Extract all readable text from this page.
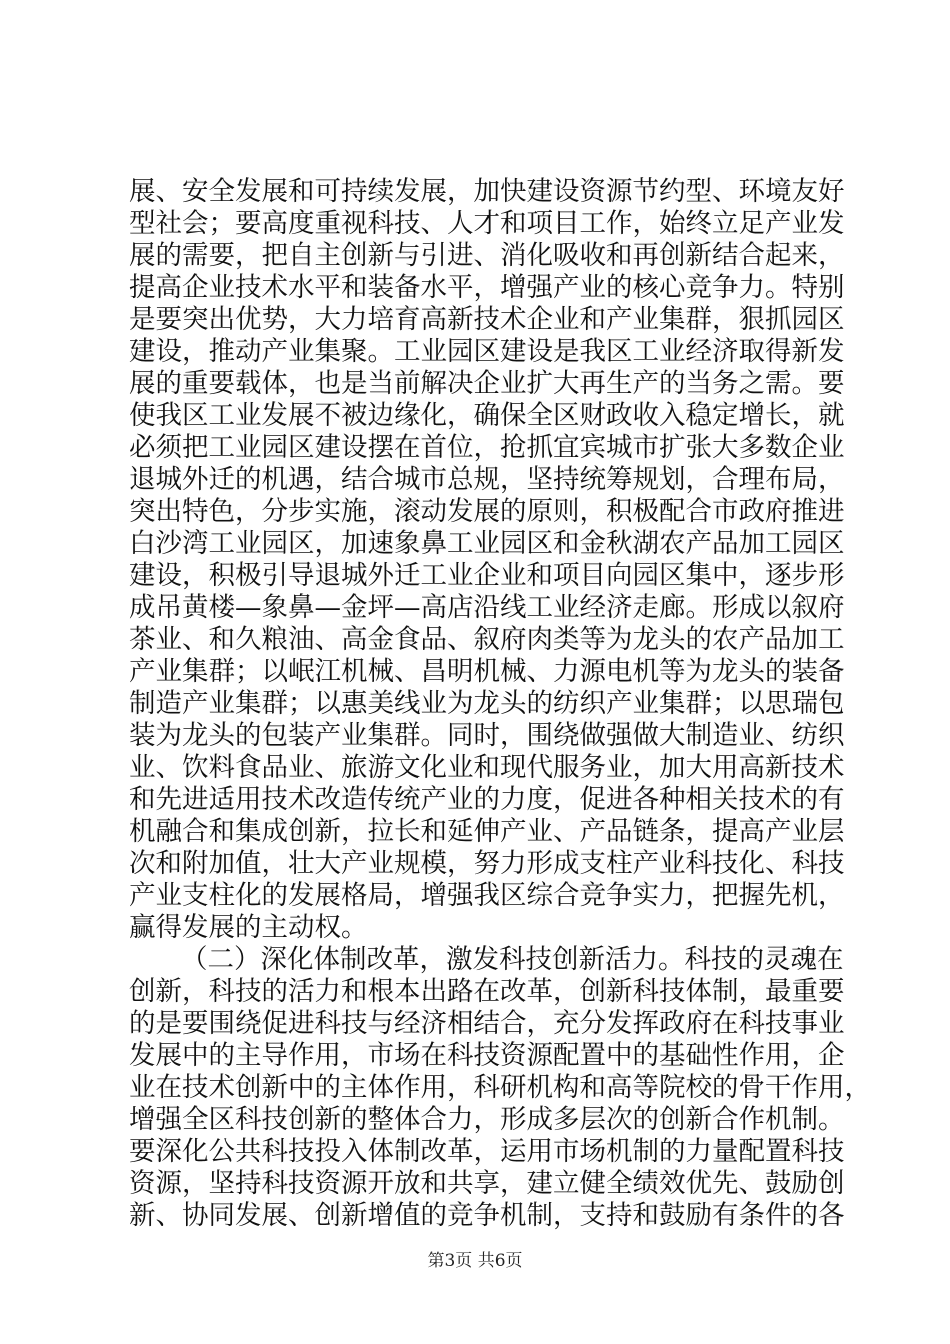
展、安全发展和可持续发展，加快建设资源节约型、环境友好
型社会；要高度重视科技、人才和项目工作，始终立足产业发
展的需要，把自主创新与引进、消化吸收和再创新结合起来，
提高企业技术水平和装备水平，增强产业的核心竞争力。特别
是要突出优势，大力培育高新技术企业和产业集群，狠抓园区
建设，推动产业集聚。工业园区建设是我区工业经济取得新发
展的重要载体，也是当前解决企业扩大再生产的当务之需。要
使我区工业发展不被边缘化，确保全区财政收入稳定增长，就
必须把工业园区建设摆在首位，抢抓宜宾城市扩张大多数企业
退城外迁的机遇，结合城市总规，坚持统筹规划，合理布局，
突出特色，分步实施，滚动发展的原则，积极配合市政府推进
白沙湾工业园区，加速象鼻工业园区和金秋湖农产品加工园区
建设，积极引导退城外迁工业企业和项目向园区集中，逐步形
成吊黄楼—象鼻—金坪—高店沿线工业经济走廊。形成以叙府
茶业、和久粮油、高金食品、叙府肉类等为龙头的农产品加工
产业集群；以岷江机械、昌明机械、力源电机等为龙头的装备
制造产业集群；以惠美线业为龙头的纺织产业集群；以思瑞包
装为龙头的包装产业集群。同时，围绕做强做大制造业、纺织
业、饮料食品业、旅游文化业和现代服务业，加大用高新技术
和先进适用技术改造传统产业的力度，促进各种相关技术的有
机融合和集成创新，拉长和延伸产业、产品链条，提高产业层
次和附加值，壮大产业规模，努力形成支柱产业科技化、科技
产业支柱化的发展格局，增强我区综合竞争实力，把握先机，
赢得发展的主动权。
（二）深化体制改革，激发科技创新活力。科技的灵魂在
创新，科技的活力和根本出路在改革，创新科技体制，最重要
的是要围绕促进科技与经济相结合，充分发挥政府在科技事业
发展中的主导作用，市场在科技资源配置中的基础性作用，企
业在技术创新中的主体作用，科研机构和高等院校的骨干作用，
增强全区科技创新的整体合力，形成多层次的创新合作机制。
要深化公共科技投入体制改革，运用市场机制的力量配置科技
资源，坚持科技资源开放和共享，建立健全绩效优先、鼓励创
新、协同发展、创新增值的竞争机制，支持和鼓励有条件的各
第3页 共6页
